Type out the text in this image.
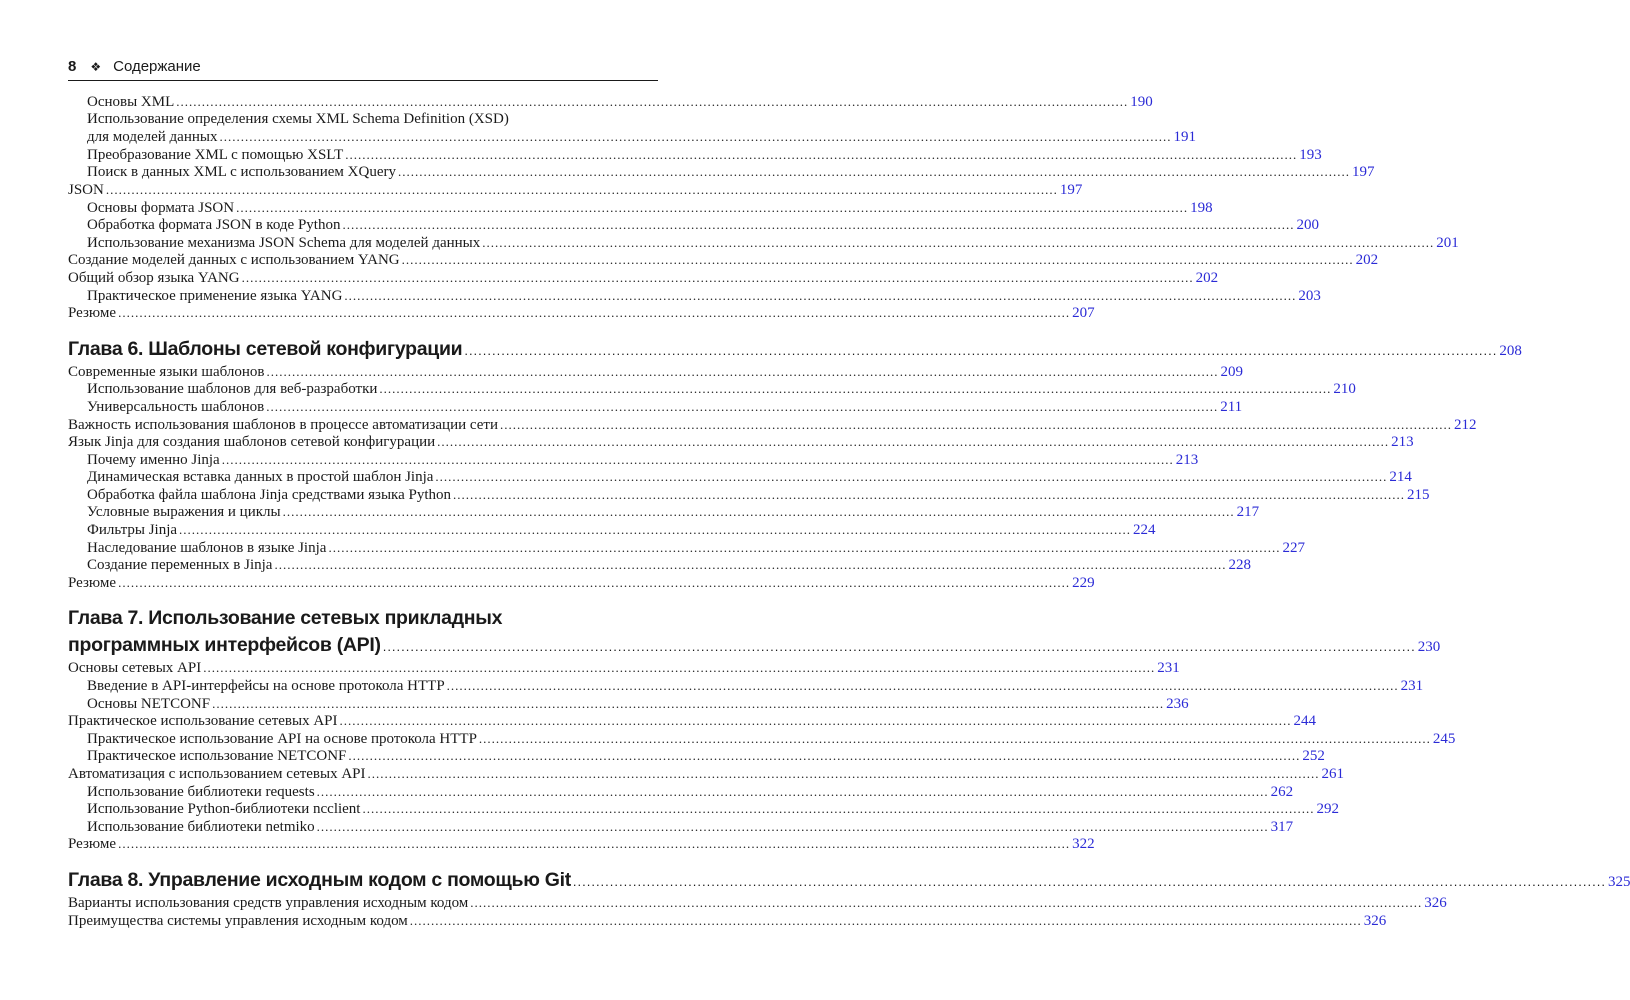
8 ❖ Содержание
Основы XML .....	190
Использование определения схемы XML Schema Definition (XSD)
для моделей данных .....	191
Преобразование XML с помощью XSLT .....	193
Поиск в данных XML с использованием XQuery .....	197
JSON .....	197
Основы формата JSON .....	198
Обработка формата JSON в коде Python .....	200
Использование механизма JSON Schema для моделей данных .....	201
Создание моделей данных с использованием YANG .....	202
Общий обзор языка YANG .....	202
Практическое применение языка YANG .....	203
Резюме .....	207
Глава 6. Шаблоны сетевой конфигурации .....	208
Современные языки шаблонов .....	209
Использование шаблонов для веб-разработки .....	210
Универсальность шаблонов .....	211
Важность использования шаблонов в процессе автоматизации сети .....	212
Язык Jinja для создания шаблонов сетевой конфигурации .....	213
Почему именно Jinja .....	213
Динамическая вставка данных в простой шаблон Jinja .....	214
Обработка файла шаблона Jinja средствами языка Python .....	215
Условные выражения и циклы .....	217
Фильтры Jinja .....	224
Наследование шаблонов в языке Jinja .....	227
Создание переменных в Jinja .....	228
Резюме .....	229
Глава 7. Использование сетевых прикладных
программных интерфейсов (API) .....	230
Основы сетевых API .....	231
Введение в API-интерфейсы на основе протокола HTTP .....	231
Основы NETCONF .....	236
Практическое использование сетевых API .....	244
Практическое использование API на основе протокола HTTP .....	245
Практическое использование NETCONF .....	252
Автоматизация с использованием сетевых API .....	261
Использование библиотеки requests .....	262
Использование Python-библиотеки ncclient .....	292
Использование библиотеки netmiko .....	317
Резюме .....	322
Глава 8. Управление исходным кодом с помощью Git .....	325
Варианты использования средств управления исходным кодом .....	326
Преимущества системы управления исходным кодом .....	326
